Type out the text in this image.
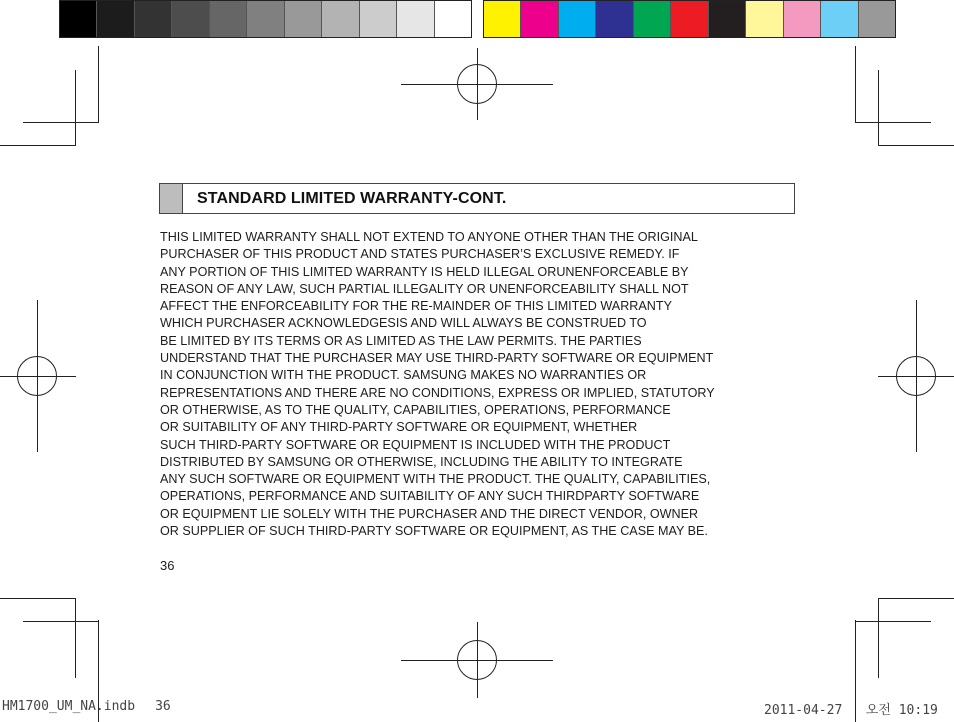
STANDARD LIMITED WARRANTY-CONT.
THIS LIMITED WARRANTY SHALL NOT EXTEND TO ANYONE OTHER THAN THE ORIGINAL
PURCHASER OF THIS PRODUCT AND STATES PURCHASER’S EXCLUSIVE REMEDY. IF
ANY PORTION OF THIS LIMITED WARRANTY IS HELD ILLEGAL ORUNENFORCEABLE BY
REASON OF ANY LAW, SUCH PARTIAL ILLEGALITY OR UNENFORCEABILITY SHALL NOT
AFFECT THE ENFORCEABILITY FOR THE RE-MAINDER OF THIS LIMITED WARRANTY
WHICH PURCHASER ACKNOWLEDGESIS AND WILL ALWAYS BE CONSTRUED TO
BE LIMITED BY ITS TERMS OR AS LIMITED AS THE LAW PERMITS. THE PARTIES
UNDERSTAND THAT THE PURCHASER MAY USE THIRD-PARTY SOFTWARE OR EQUIPMENT
IN CONJUNCTION WITH THE PRODUCT. SAMSUNG MAKES NO WARRANTIES OR
REPRESENTATIONS AND THERE ARE NO CONDITIONS, EXPRESS OR IMPLIED, STATUTORY
OR OTHERWISE, AS TO THE QUALITY, CAPABILITIES, OPERATIONS, PERFORMANCE
OR SUITABILITY OF ANY THIRD-PARTY SOFTWARE OR EQUIPMENT, WHETHER
SUCH THIRD-PARTY SOFTWARE OR EQUIPMENT IS INCLUDED WITH THE PRODUCT
DISTRIBUTED BY SAMSUNG OR OTHERWISE, INCLUDING THE ABILITY TO INTEGRATE
ANY SUCH SOFTWARE OR EQUIPMENT WITH THE PRODUCT. THE QUALITY, CAPABILITIES,
OPERATIONS, PERFORMANCE AND SUITABILITY OF ANY SUCH THIRDPARTY SOFTWARE
OR EQUIPMENT LIE SOLELY WITH THE PURCHASER AND THE DIRECT VENDOR, OWNER
OR SUPPLIER OF SUCH THIRD-PARTY SOFTWARE OR EQUIPMENT, AS THE CASE MAY BE.
36
HM1700_UM_NA.indb 36	2011-04-27 오전 10:19
